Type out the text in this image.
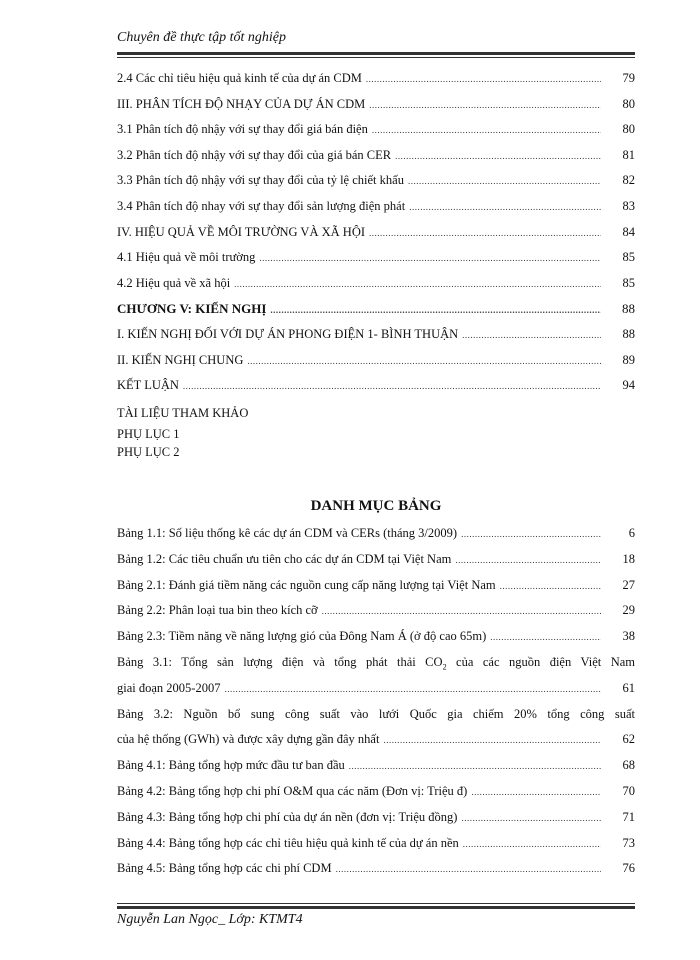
Chuyên đề thực tập tốt nghiệp
2.4 Các chỉ tiêu hiệu quả kinh tế của dự án CDM .....	79
III. PHÂN TÍCH ĐỘ NHẠY CỦA DỰ ÁN CDM .....	80
3.1 Phân tích độ nhậy với sự thay đổi giá bán điện .....	80
3.2 Phân tích độ nhậy với sự thay đổi của giá bán CER .....	81
3.3 Phân tích độ nhậy với sự thay đổi của tỷ lệ chiết khấu .....	82
3.4 Phân tích độ nhay với sự thay đổi sản lượng điện phát .....	83
IV. HIỆU QUẢ VỀ MÔI TRƯỜNG VÀ XÃ HỘI .....	84
4.1 Hiệu quả về môi trường .....	85
4.2 Hiệu quả về xã hội .....	85
CHƯƠNG V: KIẾN NGHỊ .....	88
I. KIẾN NGHỊ ĐỐI VỚI DỰ ÁN PHONG ĐIỆN 1- BÌNH THUẬN .....	88
II. KIẾN NGHỊ CHUNG .....	89
KẾT LUẬN .....	94
TÀI LIỆU THAM KHẢO
PHỤ LỤC 1
PHỤ LỤC 2
DANH MỤC BẢNG
Bảng 1.1: Số liệu thống kê các dự án CDM và CERs (tháng 3/2009) .....	6
Bảng 1.2: Các tiêu chuẩn ưu tiên cho các dự án CDM tại Việt Nam .....	18
Bảng 2.1: Đánh giá tiềm năng các nguồn cung cấp năng lượng tại Việt Nam .....	27
Bảng 2.2: Phân loại tua bin theo kích cỡ .....	29
Bảng 2.3: Tiềm năng về năng lượng gió của Đông Nam Á (ở độ cao 65m) .....	38
Bảng 3.1: Tổng sản lượng điện và tổng phát thải $CO_2$ của các nguồn điện Việt Nam
giai đoạn 2005-2007 .....	61
Bảng 3.2: Nguồn bổ sung công suất vào lưới Quốc gia chiếm 20% tổng công suất
của hệ thống (GWh) và được xây dựng gần đây nhất .....	62
Bảng 4.1: Bảng tổng hợp mức đầu tư ban đầu .....	68
Bảng 4.2: Bảng tổng hợp chi phí O&M qua các năm (Đơn vị: Triệu đ) .....	70
Bảng 4.3: Bảng tổng hợp chi phí của dự án nền (đơn vị: Triệu đồng) .....	71
Bảng 4.4: Bảng tổng hợp các chỉ tiêu hiệu quả kinh tế của dự án nền .....	73
Bảng 4.5: Bảng tổng hợp các chi phí CDM .....	76
Nguyễn Lan Ngọc_ Lớp: KTMT4
